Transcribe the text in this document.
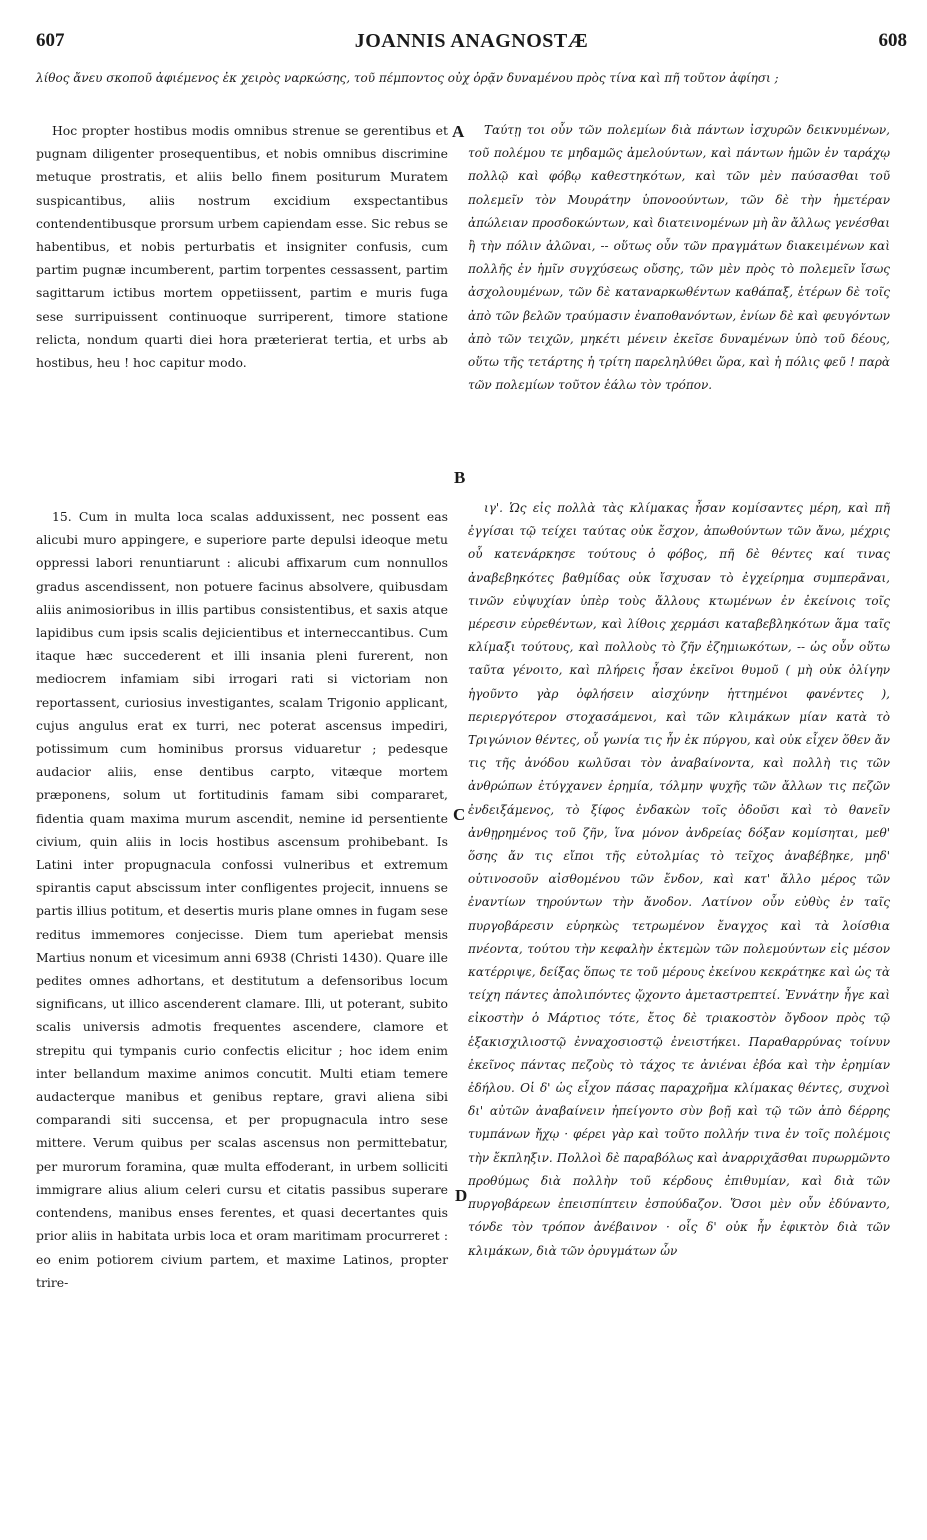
607	JOANNIS ANAGNOSTÆ	608
λίθος ἄνευ σκοποῦ ἀφιέμενος ἐκ χειρὸς ναρκώσης, τοῦ πέμποντος οὐχ ὁρᾷν δυναμένου πρὸς τίνα καὶ πῆ τοῦτον ἀφίησι ;

Hoc propter hostibus modis omnibus strenue se gerentibus et pugnam diligenter prosequentibus, et nobis omnibus discrimine metuque prostratis, et aliis bello finem positurum Muratem suspicantibus, aliis nostrum excidium exspectantibus contendentibusque prorsum urbem capiendam esse. Sic rebus se habentibus, et nobis perturbatis et insigniter confusis, cum partim pugnæ incumberent, partim torpentes cessassent, partim sagittarum ictibus mortem oppetiissent, partim e muris fuga sese surripuissent continuoque surriperent, timore statione relicta, nondum quarti diei hora præterierat tertia, et urbs ab hostibus, heu ! hoc capitur modo.

15. Cum in multa loca scalas adduxissent, nec possent eas alicubi muro appingere, e superiore parte depulsi ideoque metu oppressi labori renuntiarunt : alicubi affixarum cum nonnullos gradus ascendissent, non potuere facinus absolvere, quibusdam aliis animosioribus in illis partibus consistentibus, et saxis atque lapidibus cum ipsis scalis dejicientibus et interneccantibus. Cum itaque hæc succederent et illi insania pleni furerent, non mediocrem infamiam sibi irrogari rati si victoriam non reportassent, curiosius investigantes, scalam Trigonio applicant, cujus angulus erat ex turri, nec poterat ascensus impediri, potissimum cum hominibus prorsus viduaretur ; pedesque audacior aliis, ense dentibus carpto, vitæque mortem præponens, solum ut fortitudinis famam sibi compararet, fidentia quam maxima murum ascendit, nemine id persentiente civium, quin aliis in locis hostibus ascensum prohibebant. Is Latini inter propugnacula confossi vulneribus et extremum spirantis caput abscissum inter confligentes projecit, innuens se partis illius potitum, et desertis muris plane omnes in fugam sese reditus immemores conjecisse. Diem tum aperiebat mensis Martius nonum et vicesimum anni 6938 (Christi 1430). Quare ille pedites omnes adhortans, et destitutum a defensoribus locum significans, ut illico ascenderent clamare. Illi, ut poterant, subito scalis universis admotis frequentes ascendere, clamore et strepitu qui tympanis curio confectis elicitur ; hoc idem enim inter bellandum maxime animos concutit. Multi etiam temere audacterque manibus et genibus reptare, gravi aliena sibi comparandi siti succensa, et per propugnacula intro sese mittere. Verum quibus per scalas ascensus non permittebatur, per murorum foramina, quæ multa effoderant, in urbem solliciti immigrare alius alium celeri cursu et citatis passibus superare contendens, manibus enses ferentes, et quasi decertantes quis prior aliis in habitata urbis loca et oram maritimam procurreret : eo enim potiorem civium partem, et maxime Latinos, propter trire-

Ταύτῃ τοι οὖν τῶν πολεμίων διὰ πάντων ἰσχυρῶν δεικνυμένων, τοῦ πολέμου τε μηδαμῶς ἀμελούντων, καὶ πάντων ἡμῶν ἐν ταράχῳ πολλῷ καὶ φόβῳ καθεστηκότων, καὶ τῶν μὲν παύσασθαι τοῦ πολεμεῖν τὸν Μουράτην ὑπονοούντων, τῶν δὲ τὴν ἡμετέραν ἀπώλειαν προσδοκώντων, καὶ διατεινομένων μὴ ἂν ἄλλως γενέσθαι ἢ τὴν πόλιν ἁλῶναι, -- οὕτως οὖν τῶν πραγμάτων διακειμένων καὶ πολλῆς ἐν ἡμῖν συγχύσεως οὔσης, τῶν μὲν πρὸς τὸ πολεμεῖν ἴσως ἀσχολουμένων, τῶν δὲ καταναρκωθέντων καθάπαξ, ἑτέρων δὲ τοῖς ἀπὸ τῶν βελῶν τραύμασιν ἐναποθανόντων, ἐνίων δὲ καὶ φευγόντων ἀπὸ τῶν τειχῶν, μηκέτι μένειν ἐκεῖσε δυναμένων ὑπὸ τοῦ δέους, οὕτω τῆς τετάρτης ἡ τρίτη παρεληλύθει ὥρα, καὶ ἡ πόλις φεῦ ! παρὰ τῶν πολεμίων τοῦτον ἑάλω τὸν τρόπον.

ιγ'. Ὡς εἰς πολλὰ τὰς κλίμακας ἦσαν κομίσαντες μέρη, καὶ πῆ ἐγγίσαι τῷ τείχει ταύτας οὐκ ἔσχον, ἀπωθούντων τῶν ἄνω, μέχρις οὗ κατενάρκησε τούτους ὁ φόβος, πῆ δὲ θέντες καί τινας ἀναβεβηκότες βαθμίδας οὐκ ἴσχυσαν τὸ ἐγχείρημα συμπερᾶναι, τινῶν εὐψυχίαν ὑπὲρ τοὺς ἄλλους κτωμένων ἐν ἐκείνοις τοῖς μέρεσιν εὑρεθέντων, καὶ λίθοις χερμάσι καταβεβληκότων ἅμα ταῖς κλίμαξι τούτους, καὶ πολλοὺς τὸ ζῆν ἐζημιωκότων, -- ὡς οὖν οὕτω ταῦτα γένοιτο, καὶ πλήρεις ἦσαν ἐκεῖνοι θυμοῦ ( μὴ οὐκ ὀλίγην ἡγοῦντο γὰρ ὀφλήσειν αἰσχύνην ἡττημένοι φανέντες ), περιεργότερον στοχασάμενοι, καὶ τῶν κλιμάκων μίαν κατὰ τὸ Τριγώνιον θέντες, οὗ γωνία τις ἦν ἐκ πύργου, καὶ οὐκ εἶχεν ὅθεν ἄν τις τῆς ἀνόδου κωλῦσαι τὸν ἀναβαίνοντα, καὶ πολλὴ τις τῶν ἀνθρώπων ἐτύγχανεν ἐρημία, τόλμην ψυχῆς τῶν ἄλλων τις πεζῶν ἐνδειξάμενος, τὸ ξίφος ἐνδακὼν τοῖς ὀδοῦσι καὶ τὸ θανεῖν ἀνθῃρημένος τοῦ ζῆν, ἵνα μόνον ἀνδρείας δόξαν κομίσηται, μεθ' ὅσης ἄν τις εἴποι τῆς εὐτολμίας τὸ τεῖχος ἀναβέβηκε, μηδ' οὑτινοσοῦν αἰσθομένου τῶν ἔνδον, καὶ κατ' ἄλλο μέρος τῶν ἐναντίων τηρούντων τὴν ἄνοδον. Λατίνον οὖν εὐθὺς ἐν ταῖς πυργοβάρεσιν εὑρηκὼς τετρωμένον ἔναγχος καὶ τὰ λοίσθια πνέοντα, τούτου τὴν κεφαλὴν ἐκτεμὼν τῶν πολεμούντων εἰς μέσον κατέρριψε, δείξας ὅπως τε τοῦ μέρους ἐκείνου κεκράτηκε καὶ ὡς τὰ τείχη πάντες ἀπολιπόντες ᾤχοντο ἀμεταστρεπτεί. Ἐννάτην ἦγε καὶ εἰκοστὴν ὁ Μάρτιος τότε, ἔτος δὲ τριακοστὸν ὄγδοον πρὸς τῷ ἑξακισχιλιοστῷ ἐνναχοσιοστῷ ἐνειστήκει. Παραθαρρύνας τοίνυν ἐκεῖνος πάντας πεζοὺς τὸ τάχος τε ἀνιέναι ἐβόα καὶ τὴν ἐρημίαν ἐδήλου. Οἱ δ' ὡς εἶχον πάσας παραχρῆμα κλίμακας θέντες, συχνοὶ δι' αὐτῶν ἀναβαίνειν ἠπείγοντο σὺν βοῇ καὶ τῷ τῶν ἀπὸ δέρρης τυμπάνων ἤχῳ · φέρει γὰρ καὶ τοῦτο πολλήν τινα ἐν τοῖς πολέμοις τὴν ἔκπληξιν. Πολλοὶ δὲ παραβόλως καὶ ἀναρριχᾶσθαι πυρωρμῶντο προθύμως διὰ πολλὴν τοῦ κέρδους ἐπιθυμίαν, καὶ διὰ τῶν πυργοβάρεων ἐπεισπίπτειν ἐσπούδαζον. Ὅσοι μὲν οὖν ἐδύναντο, τόνδε τὸν τρόπον ἀνέβαινον · οἷς δ' οὐκ ἦν ἐφικτὸν διὰ τῶν κλιμάκων, διὰ τῶν ὀρυγμάτων ὧν

A
B
C
D
